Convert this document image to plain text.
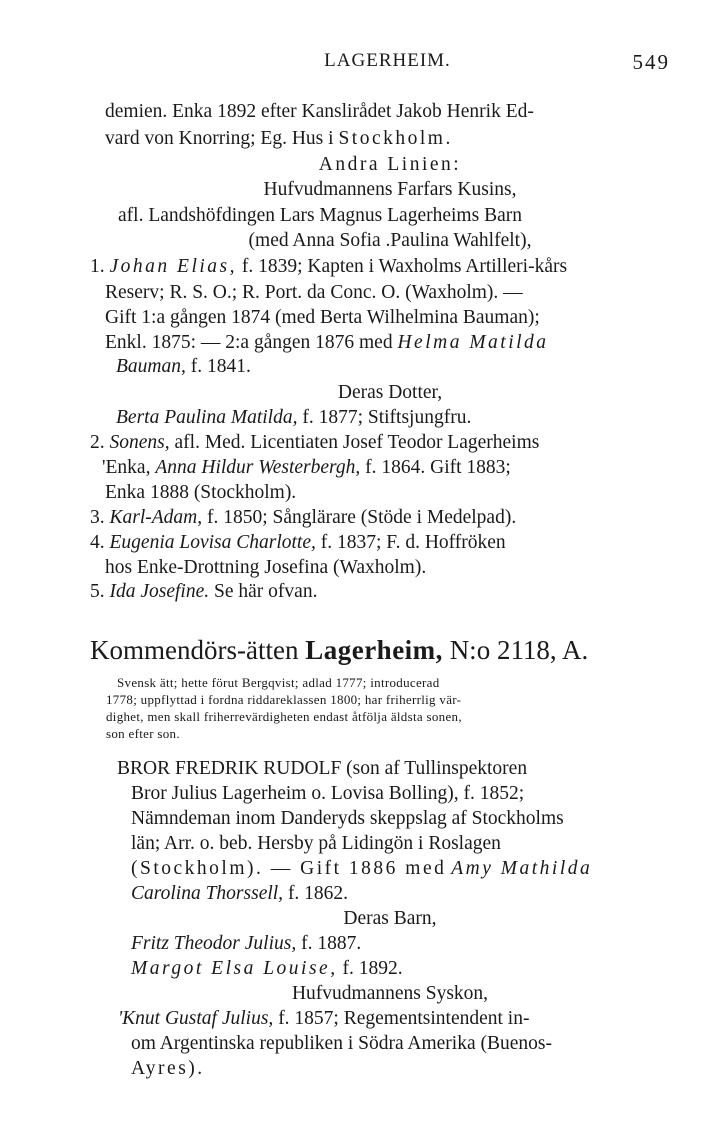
LAGERHEIM.	549
demien. Enka 1892 efter Kanslirådet Jakob Henrik Ed-
vard von Knorring; Eg. Hus i Stockholm.
Andra Linien:
Hufvudmannens Farfars Kusins,
afl. Landshöfdingen Lars Magnus Lagerheims Barn
(med Anna Sofia .Paulina Wahlfelt),
1. Johan Elias, f. 1839; Kapten i Waxholms Artilleri-kårs
Reserv; R. S. O.; R. Port. da Conc. O. (Waxholm). —
Gift 1:a gången 1874 (med Berta Wilhelmina Bauman);
Enkl. 1875: — 2:a gången 1876 med Helma Matilda
Bauman, f. 1841.
Deras Dotter,
Berta Paulina Matilda, f. 1877; Stiftsjungfru.
2. Sonens, afl. Med. Licentiaten Josef Teodor Lagerheims
'Enka, Anna Hildur Westerbergh, f. 1864. Gift 1883;
Enka 1888 (Stockholm).
3. Karl-Adam, f. 1850; Sånglärare (Stöde i Medelpad).
4. Eugenia Lovisa Charlotte, f. 1837; F. d. Hoffröken
hos Enke-Drottning Josefina (Waxholm).
5. Ida Josefine. Se här ofvan.
Kommendörs-ätten Lagerheim, N:o 2118, A.
Svensk ätt; hette förut Bergqvist; adlad 1777; introducerad
1778; uppflyttad i fordna riddareklassen 1800; har friherrlig vär-
dighet, men skall friherrevärdigheten endast åtfölja äldsta sonen,
son efter son.
BROR FREDRIK RUDOLF (son af Tullinspektoren
Bror Julius Lagerheim o. Lovisa Bolling), f. 1852;
Nämndeman inom Danderyds skeppslag af Stockholms
län; Arr. o. beb. Hersby på Lidingön i Roslagen
(Stockholm). — Gift 1886 med Amy Mathilda
Carolina Thorssell, f. 1862.
Deras Barn,
Fritz Theodor Julius, f. 1887.
Margot Elsa Louise, f. 1892.
Hufvudmannens Syskon,
'Knut Gustaf Julius, f. 1857; Regementsintendent in-
om Argentinska republiken i Södra Amerika (Buenos-
Ayres).
